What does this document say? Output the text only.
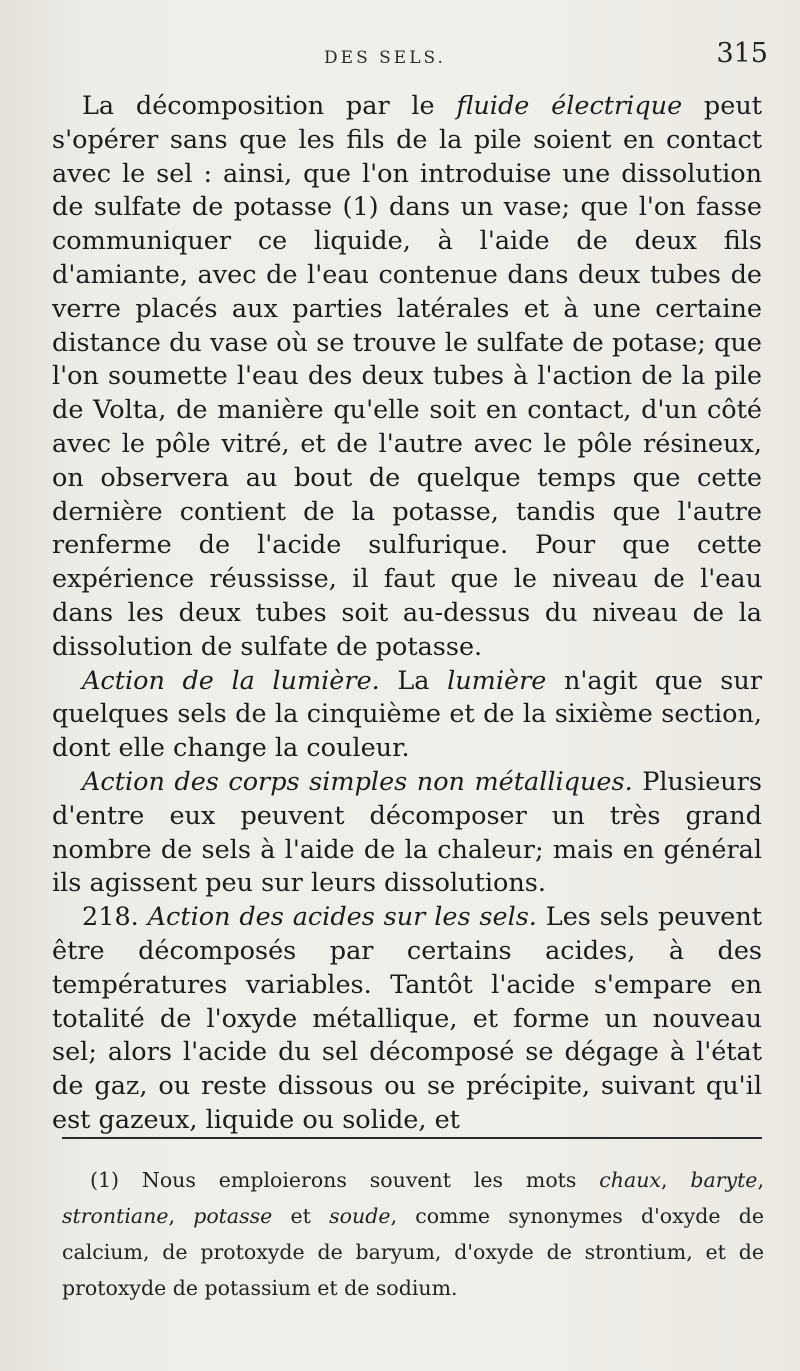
DES SELS.	315

La décomposition par le fluide électrique peut s'opérer sans que les fils de la pile soient en contact avec le sel : ainsi, que l'on introduise une dissolution de sulfate de potasse (1) dans un vase; que l'on fasse communiquer ce liquide, à l'aide de deux fils d'amiante, avec de l'eau contenue dans deux tubes de verre placés aux parties latérales et à une certaine distance du vase où se trouve le sulfate de potase; que l'on soumette l'eau des deux tubes à l'action de la pile de Volta, de manière qu'elle soit en contact, d'un côté avec le pôle vitré, et de l'autre avec le pôle résineux, on observera au bout de quelque temps que cette dernière contient de la potasse, tandis que l'autre renferme de l'acide sulfurique. Pour que cette expérience réussisse, il faut que le niveau de l'eau dans les deux tubes soit au-dessus du niveau de la dissolution de sulfate de potasse.

Action de la lumière. La lumière n'agit que sur quelques sels de la cinquième et de la sixième section, dont elle change la couleur.

Action des corps simples non métalliques. Plusieurs d'entre eux peuvent décomposer un très grand nombre de sels à l'aide de la chaleur; mais en général ils agissent peu sur leurs dissolutions.

218. Action des acides sur les sels. Les sels peuvent être décomposés par certains acides, à des températures variables. Tantôt l'acide s'empare en totalité de l'oxyde métallique, et forme un nouveau sel; alors l'acide du sel décomposé se dégage à l'état de gaz, ou reste dissous ou se précipite, suivant qu'il est gazeux, liquide ou solide, et

(1) Nous emploierons souvent les mots chaux, baryte, strontiane, potasse et soude, comme synonymes d'oxyde de calcium, de protoxyde de baryum, d'oxyde de strontium, et de protoxyde de potassium et de sodium.
